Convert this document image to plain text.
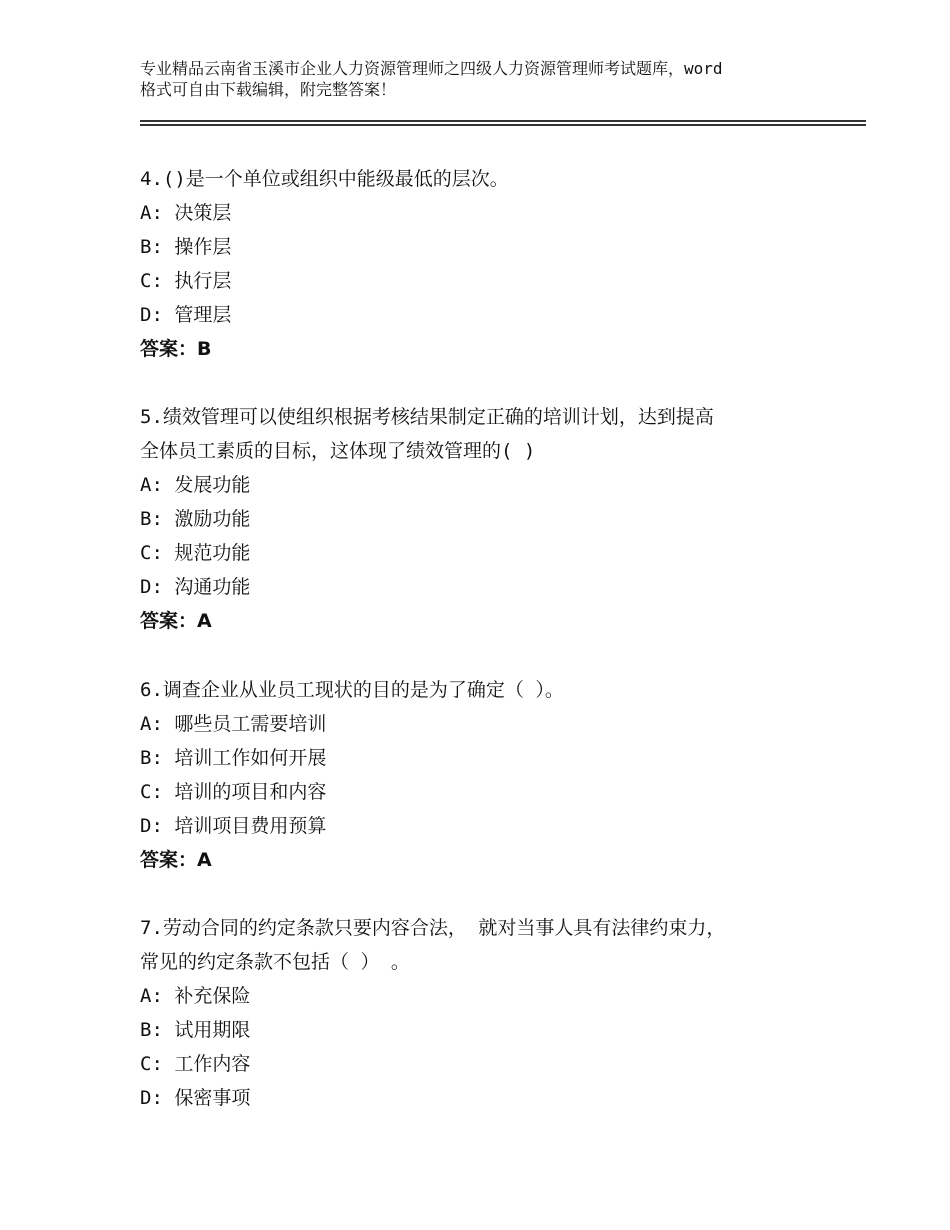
专业精品云南省玉溪市企业人力资源管理师之四级人力资源管理师考试题库，word
格式可自由下载编辑，附完整答案！

4.()是一个单位或组织中能级最低的层次。

A: 决策层

B: 操作层

C: 执行层

D: 管理层

答案：B

5.绩效管理可以使组织根据考核结果制定正确的培训计划，达到提高

全体员工素质的目标，这体现了绩效管理的( )

A: 发展功能

B: 激励功能

C: 规范功能

D: 沟通功能

答案：A

6.调查企业从业员工现状的目的是为了确定（ ）。

A: 哪些员工需要培训

B: 培训工作如何开展

C: 培训的项目和内容

D: 培训项目费用预算

答案：A

7.劳动合同的约定条款只要内容合法， 就对当事人具有法律约束力，

常见的约定条款不包括（ ） 。

A: 补充保险

B: 试用期限

C: 工作内容

D: 保密事项
